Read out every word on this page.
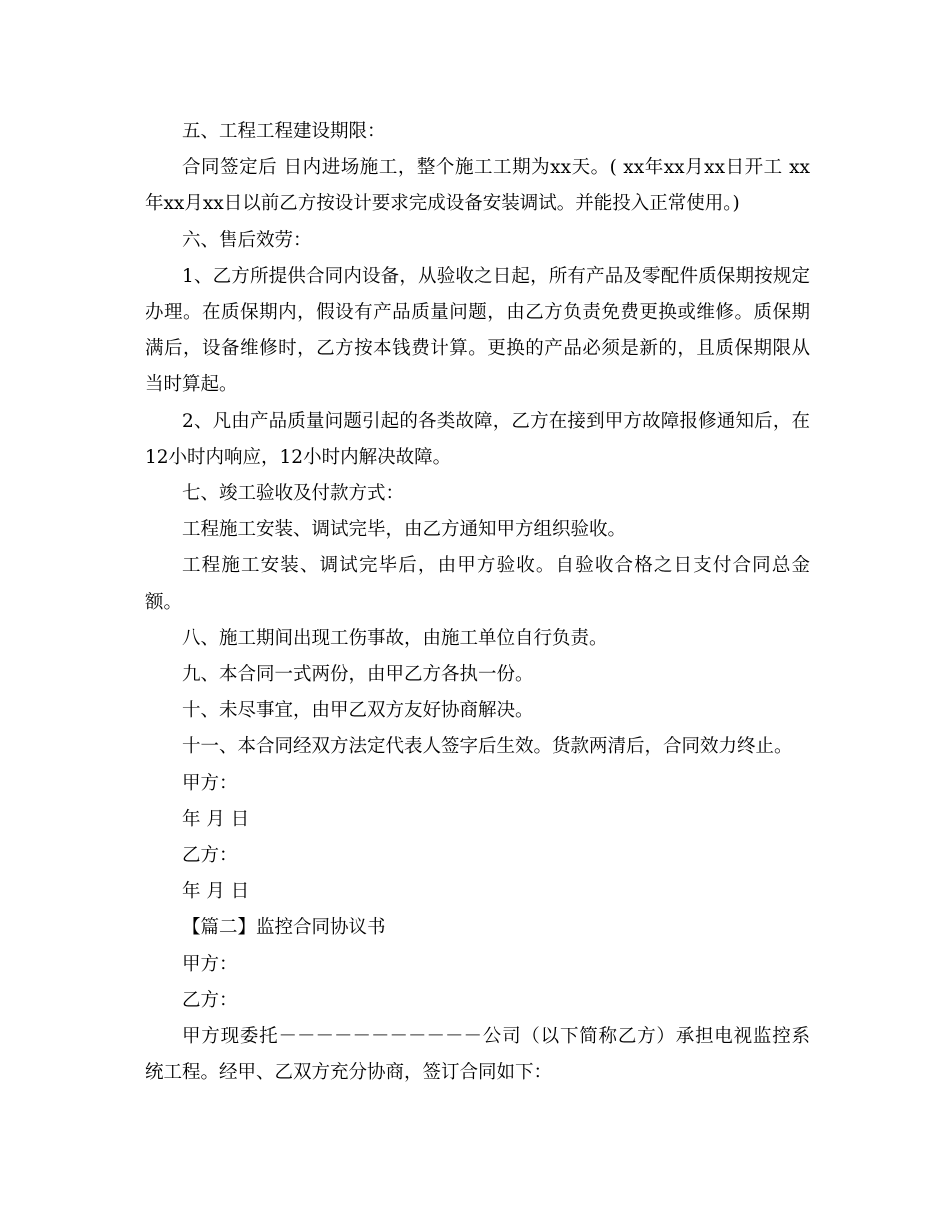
五、工程工程建设期限：

合同签定后 日内进场施工，整个施工工期为xx天。( xx年xx月xx日开工 xx年xx月xx日以前乙方按设计要求完成设备安装调试。并能投入正常使用。)

六、售后效劳：

1、乙方所提供合同内设备，从验收之日起，所有产品及零配件质保期按规定办理。在质保期内，假设有产品质量问题，由乙方负责免费更换或维修。质保期满后，设备维修时，乙方按本钱费计算。更换的产品必须是新的，且质保期限从当时算起。

2、凡由产品质量问题引起的各类故障，乙方在接到甲方故障报修通知后，在12小时内响应，12小时内解决故障。

七、竣工验收及付款方式：

工程施工安装、调试完毕，由乙方通知甲方组织验收。

工程施工安装、调试完毕后，由甲方验收。自验收合格之日支付合同总金额。

八、施工期间出现工伤事故，由施工单位自行负责。

九、本合同一式两份，由甲乙方各执一份。

十、未尽事宜，由甲乙双方友好协商解决。

十一、本合同经双方法定代表人签字后生效。货款两清后，合同效力终止。

甲方：

年 月 日

乙方：

年 月 日

【篇二】监控合同协议书

甲方：

乙方：

甲方现委托－－－－－－－－－－－公司（以下简称乙方）承担电视监控系统工程。经甲、乙双方充分协商，签订合同如下：
